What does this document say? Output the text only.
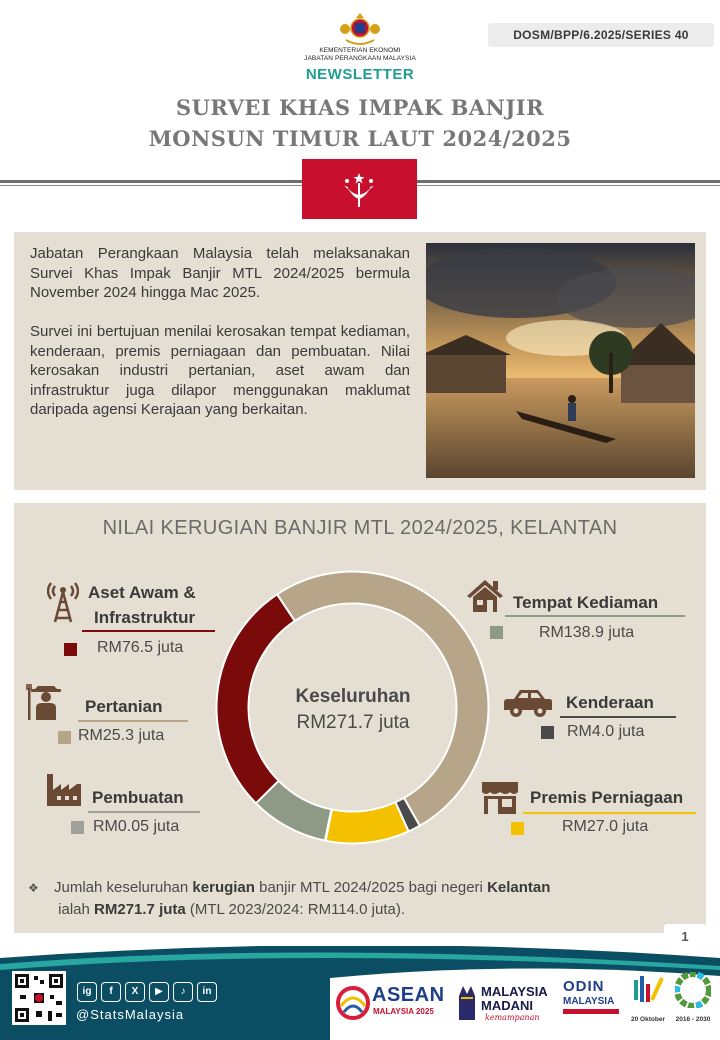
KEMENTERIAN EKONOMI
JABATAN PERANGKAAN MALAYSIA
NEWSLETTER
DOSM/BPP/6.2025/SERIES 40
SURVEI KHAS IMPAK BANJIR
MONSUN TIMUR LAUT 2024/2025

Jabatan Perangkaan Malaysia telah melaksanakan Survei Khas Impak Banjir MTL 2024/2025 bermula November 2024 hingga Mac 2025.

Survei ini bertujuan menilai kerosakan tempat kediaman, kenderaan, premis perniagaan dan pembuatan. Nilai kerosakan industri pertanian, aset awam dan infrastruktur juga dilapor menggunakan maklumat daripada agensi Kerajaan yang berkaitan.

NILAI KERUGIAN BANJIR MTL 2024/2025, KELANTAN
Aset Awam &
Infrastruktur
RM76.5 juta
Pertanian
RM25.3 juta
Pembuatan
RM0.05 juta
Tempat Kediaman
RM138.9 juta
Kenderaan
RM4.0 juta
Premis Perniagaan
RM27.0 juta
Keseluruhan
RM271.7 juta
❖ Jumlah keseluruhan kerugian banjir MTL 2024/2025 bagi negeri Kelantan
ialah RM271.7 juta (MTL 2023/2024: RM114.0 juta).
1
ig	f	X	▶	♪	in
@StatsMalaysia
ASEAN
MALAYSIA 2025
MALAYSIA
MADANI
kemampanan
ODIN
MALAYSIA
20 Oktober	2016 - 2030
